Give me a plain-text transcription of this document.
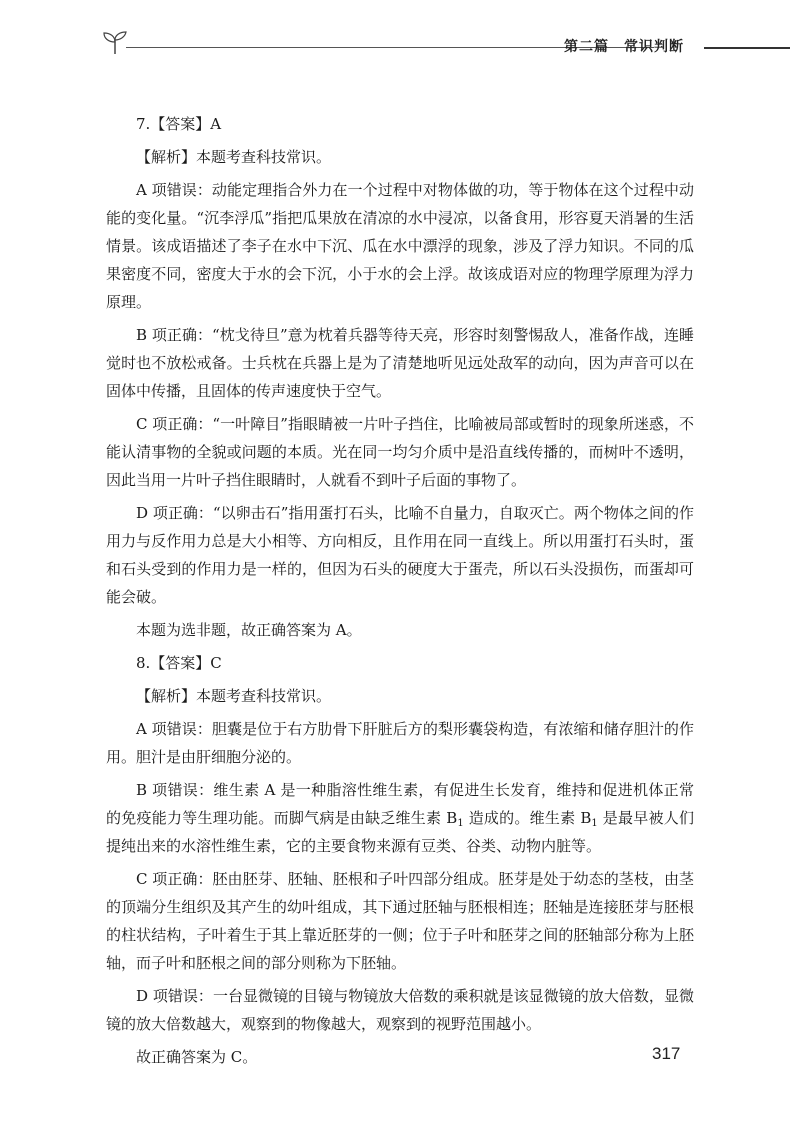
第二篇　常识判断

7.【答案】A

【解析】本题考查科技常识。

A 项错误：动能定理指合外力在一个过程中对物体做的功，等于物体在这个过程中动能的变化量。“沉李浮瓜”指把瓜果放在清凉的水中浸凉，以备食用，形容夏天消暑的生活情景。该成语描述了李子在水中下沉、瓜在水中漂浮的现象，涉及了浮力知识。不同的瓜果密度不同，密度大于水的会下沉，小于水的会上浮。故该成语对应的物理学原理为浮力原理。

B 项正确：“枕戈待旦”意为枕着兵器等待天亮，形容时刻警惕敌人，准备作战，连睡觉时也不放松戒备。士兵枕在兵器上是为了清楚地听见远处敌军的动向，因为声音可以在固体中传播，且固体的传声速度快于空气。

C 项正确：“一叶障目”指眼睛被一片叶子挡住，比喻被局部或暂时的现象所迷惑，不能认清事物的全貌或问题的本质。光在同一均匀介质中是沿直线传播的，而树叶不透明，因此当用一片叶子挡住眼睛时，人就看不到叶子后面的事物了。

D 项正确：“以卵击石”指用蛋打石头，比喻不自量力，自取灭亡。两个物体之间的作用力与反作用力总是大小相等、方向相反，且作用在同一直线上。所以用蛋打石头时，蛋和石头受到的作用力是一样的，但因为石头的硬度大于蛋壳，所以石头没损伤，而蛋却可能会破。

本题为选非题，故正确答案为 A。

8.【答案】C

【解析】本题考查科技常识。

A 项错误：胆囊是位于右方肋骨下肝脏后方的梨形囊袋构造，有浓缩和储存胆汁的作用。胆汁是由肝细胞分泌的。

B 项错误：维生素 A 是一种脂溶性维生素，有促进生长发育，维持和促进机体正常的免疫能力等生理功能。而脚气病是由缺乏维生素 $B_1$ 造成的。维生素 $B_1$ 是最早被人们提纯出来的水溶性维生素，它的主要食物来源有豆类、谷类、动物内脏等。

C 项正确：胚由胚芽、胚轴、胚根和子叶四部分组成。胚芽是处于幼态的茎枝，由茎的顶端分生组织及其产生的幼叶组成，其下通过胚轴与胚根相连；胚轴是连接胚芽与胚根的柱状结构，子叶着生于其上靠近胚芽的一侧；位于子叶和胚芽之间的胚轴部分称为上胚轴，而子叶和胚根之间的部分则称为下胚轴。

D 项错误：一台显微镜的目镜与物镜放大倍数的乘积就是该显微镜的放大倍数，显微镜的放大倍数越大，观察到的物像越大，观察到的视野范围越小。

故正确答案为 C。	317
